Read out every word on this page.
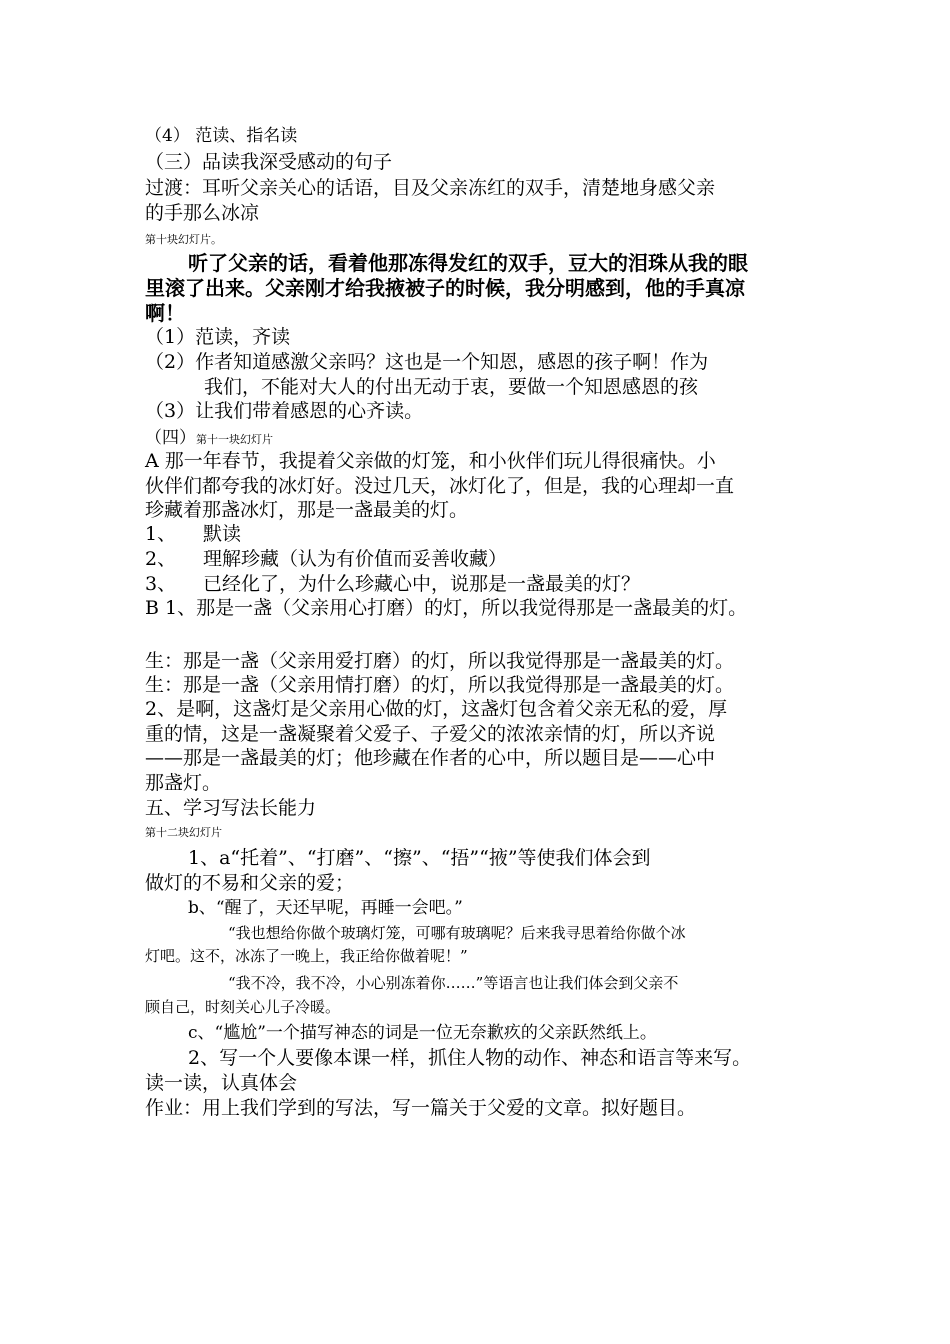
（4） 范读、指名读
（三）品读我深受感动的句子
过渡：耳听父亲关心的话语，目及父亲冻红的双手，清楚地身感父亲
的手那么冰凉
第十块幻灯片。
听了父亲的话，看着他那冻得发红的双手，豆大的泪珠从我的眼
里滚了出来。父亲刚才给我掖被子的时候，我分明感到，他的手真凉
啊！
（1）范读，齐读
（2）作者知道感激父亲吗？这也是一个知恩，感恩的孩子啊！作为
我们，不能对大人的付出无动于衷，要做一个知恩感恩的孩
（3）让我们带着感恩的心齐读。
（四）第十一块幻灯片
A 那一年春节，我提着父亲做的灯笼，和小伙伴们玩儿得很痛快。小
伙伴们都夸我的冰灯好。没过几天，冰灯化了，但是，我的心理却一直
珍藏着那盏冰灯，那是一盏最美的灯。
1、 默读
2、 理解珍藏（认为有价值而妥善收藏）
3、 已经化了，为什么珍藏心中，说那是一盏最美的灯？
B 1、那是一盏（父亲用心打磨）的灯，所以我觉得那是一盏最美的灯。
生：那是一盏（父亲用爱打磨）的灯，所以我觉得那是一盏最美的灯。
生：那是一盏（父亲用情打磨）的灯，所以我觉得那是一盏最美的灯。
2、是啊，这盏灯是父亲用心做的灯，这盏灯包含着父亲无私的爱，厚
重的情，这是一盏凝聚着父爱子、子爱父的浓浓亲情的灯，所以齐说
——那是一盏最美的灯；他珍藏在作者的心中，所以题目是——心中
那盏灯。
五、学习写法长能力
第十二块幻灯片
1、a“托着”、“打磨”、“擦”、“捂”“掖”等使我们体会到
做灯的不易和父亲的爱；
b、“醒了，天还早呢，再睡一会吧。”
“我也想给你做个玻璃灯笼，可哪有玻璃呢？后来我寻思着给你做个冰
灯吧。这不，冰冻了一晚上，我正给你做着呢！”
“我不冷，我不冷，小心别冻着你……”等语言也让我们体会到父亲不
顾自己，时刻关心儿子冷暖。
c、“尴尬”一个描写神态的词是一位无奈歉疚的父亲跃然纸上。
2、写一个人要像本课一样，抓住人物的动作、神态和语言等来写。
读一读，认真体会
作业：用上我们学到的写法，写一篇关于父爱的文章。拟好题目。
